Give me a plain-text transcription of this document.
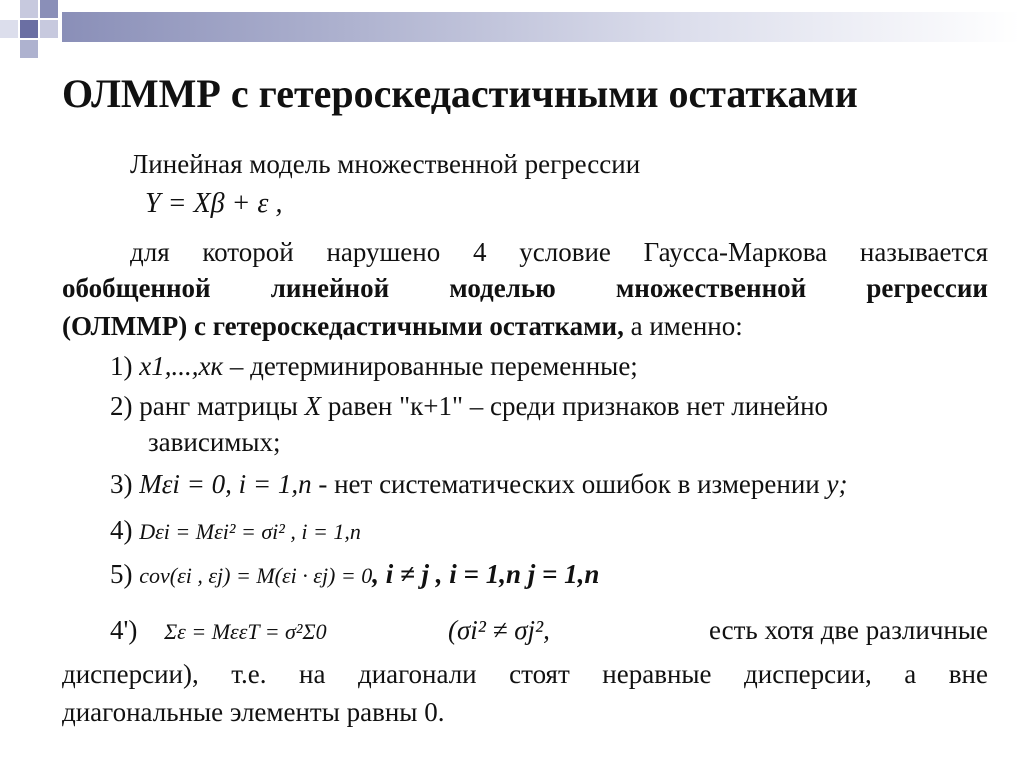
ОЛММР с гетероскедастичными остатками
Линейная модель множественной регрессии
Y = Xβ + ε ,
для которой нарушено 4 условие Гаусса-Маркова называется
обобщенной линейной моделью множественной регрессии
(ОЛММР) с гетероскедастичными остатками, а именно:
1) x1,...,xк – детерминированные переменные;
2) ранг матрицы X равен "к+1" – среди признаков нет линейно
зависимых;
3) Mεi = 0, i = 1,n - нет систематических ошибок в измерении y;
4) Dεi = Mεi² = σi² , i = 1,n
5) cov(εi , εj) = M(εi · εj) = 0, i ≠ j , i = 1,n j = 1,n
4') Σε = MεεT = σ²Σ0	(σi² ≠ σj²,	есть хотя две различные
дисперсии), т.е. на диагонали стоят неравные дисперсии, а вне
диагональные элементы равны 0.
